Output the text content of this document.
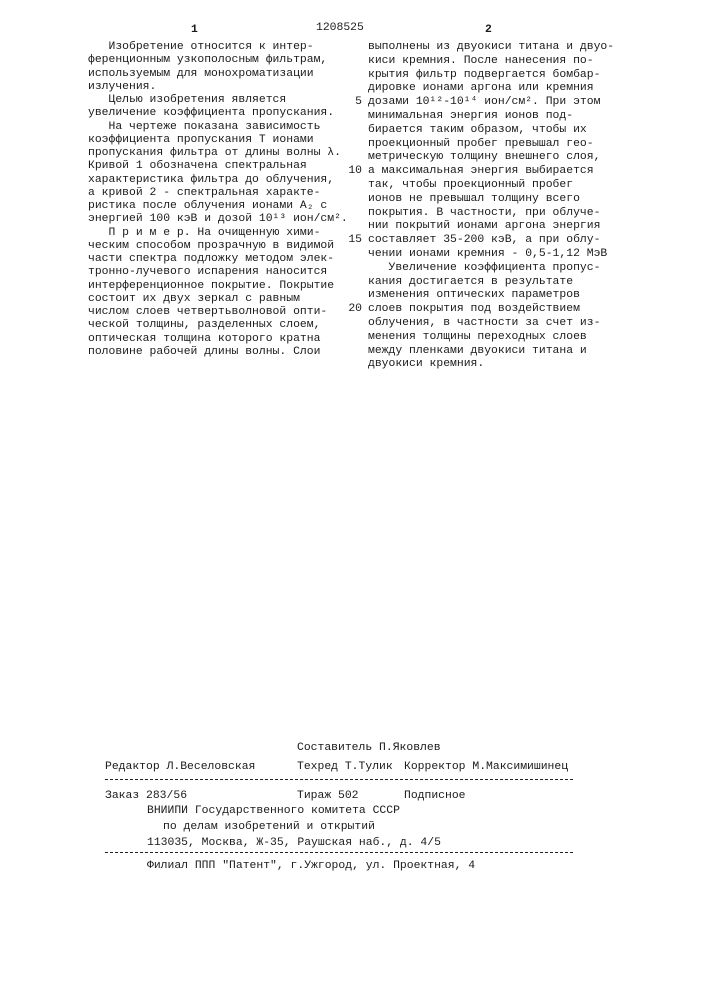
1	1208525	2
Изобретение относится к интер-
ференционным узкополосным фильтрам,
используемым для монохроматизации
излучения.
Целью изобретения является
увеличение коэффициента пропускания.
На чертеже показана зависимость
коэффициента пропускания T ионами
пропускания фильтра от длины волны λ.
Кривой 1 обозначена спектральная
характеристика фильтра до облучения,
а кривой 2 - спектральная характе-
ристика после облучения ионами A₂ с
энергией 100 кэВ и дозой 10¹³ ион/см².
П р и м е р. На очищенную хими-
ческим способом прозрачную в видимой
части спектра подложку методом элек-
тронно-лучевого испарения наносится
интерференционное покрытие. Покрытие
состоит их двух зеркал с равным
числом слоев четвертьволновой опти-
ческой толщины, разделенных слоем,
оптическая толщина которого кратна
половине рабочей длины волны. Слои
выполнены из двуокиси титана и двуо-
киси кремния. После нанесения по-
крытия фильтр подвергается бомбар-
дировке ионами аргона или кремния
дозами 10¹²-10¹⁴ ион/см². При этом
минимальная энергия ионов под-
бирается таким образом, чтобы их
проекционный пробег превышал гео-
метрическую толщину внешнего слоя,
а максимальная энергия выбирается
так, чтобы проекционный пробег
ионов не превышал толщину всего
покрытия. В частности, при облуче-
нии покрытий ионами аргона энергия
составляет 35-200 кэВ, а при облу-
чении ионами кремния - 0,5-1,12 МэВ
Увеличение коэффициента пропус-
кания достигается в результате
изменения оптических параметров
слоев покрытия под воздействием
облучения, в частности за счет из-
менения толщины переходных слоев
между пленками двуокиси титана и
двуокиси кремния.
5
10
15
20
Составитель П.Яковлев
Редактор Л.Веселовская	Техред Т.Тулик Корректор М.Максимишинец
Заказ 283/56	Тираж 502	Подписное
ВНИИПИ Государственного комитета СССР
по делам изобретений и открытий
113035, Москва, Ж-35, Раушская наб., д. 4/5
Филиал ППП "Патент", г.Ужгород, ул. Проектная, 4
